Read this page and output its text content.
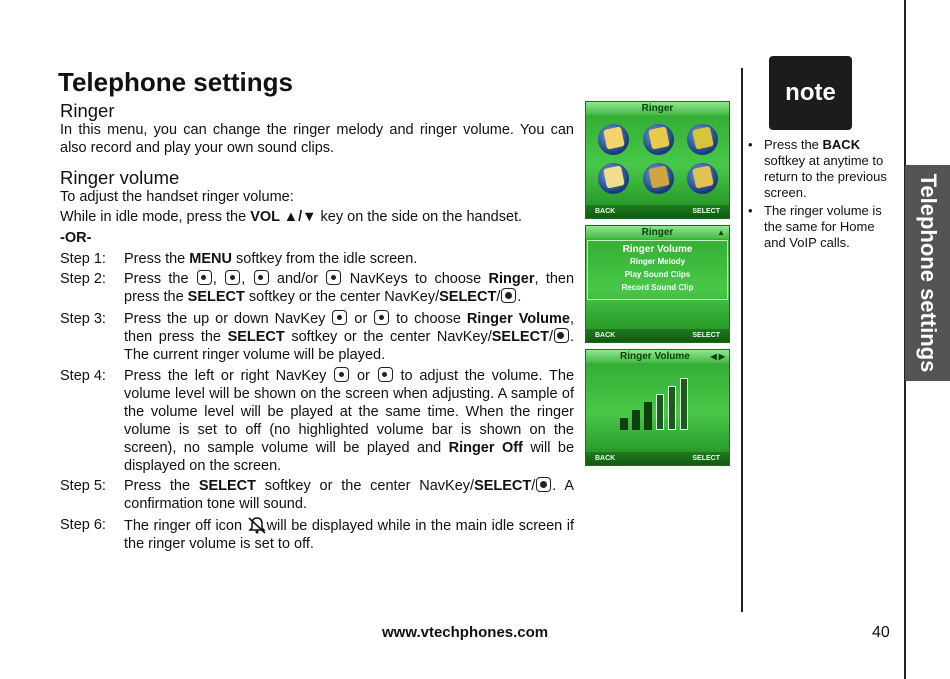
Telephone settings
Ringer
In this menu, you can change the ringer melody and ringer volume. You can also record and play your own sound clips.
Ringer volume
To adjust the handset ringer volume:
While in idle mode, press the VOL ▲/▼ key on the side on the handset.
-OR-
Step 1:	Press the MENU softkey from the idle screen.
Step 2:	Press the , , and/or NavKeys to choose Ringer, then press the SELECT softkey or the center NavKey/SELECT/ .
Step 3:	Press the up or down NavKey  or to choose Ringer Volume, then press the SELECT softkey or the center NavKey/SELECT/ . The current ringer volume will be played.
Step 4:	Press the left or right NavKey  or to adjust the volume. The volume level will be shown on the screen when adjusting. A sample of the volume level will be played at the same time. When the ringer volume is set to off (no highlighted volume bar is shown on the screen), no sample volume will be played and Ringer Off will be displayed on the screen.
Step 5:	Press the SELECT softkey or the center NavKey/SELECT/ . A confirmation tone will sound.
Step 6:	The ringer off icon will be displayed while in the main idle screen if the ringer volume is set to off.
Ringer
BACK	SELECT
Ringer	▲

Ringer Volume
Ringer Melody
Play Sound Clips
Record Sound Clip
BACK	SELECT
Ringer Volume	◀ ▶
BACK	SELECT
note
• Press the BACK softkey at anytime to return to the previous screen.
• The ringer volume is the same for Home and VoIP calls.	Telephone settings
www.vtechphones.com	40
